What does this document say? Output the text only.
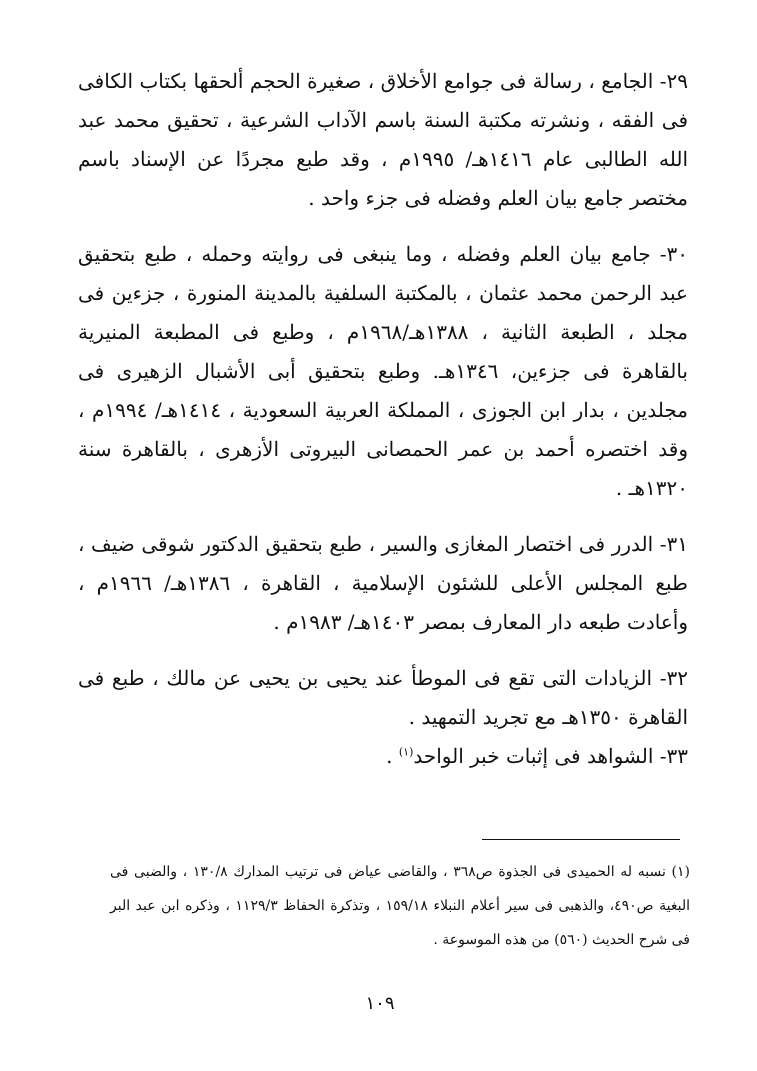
٢٩- الجامع ، رسالة فى جوامع الأخلاق ، صغيرة الحجم ألحقها بكتاب الكافى فى الفقه ، ونشرته مكتبة السنة باسم الآداب الشرعية ، تحقيق محمد عبد الله الطالبى عام ١٤١٦هـ/ ١٩٩٥م ، وقد طبع مجردًا عن الإسناد باسم مختصر جامع بيان العلم وفضله فى جزء واحد .

٣٠- جامع بيان العلم وفضله ، وما ينبغى فى روايته وحمله ، طبع بتحقيق عبد الرحمن محمد عثمان ، بالمكتبة السلفية بالمدينة المنورة ، جزءين فى مجلد ، الطبعة الثانية ، ١٣٨٨هـ/١٩٦٨م ، وطبع فى المطبعة المنيرية بالقاهرة فى جزءين، ١٣٤٦هـ. وطبع بتحقيق أبى الأشبال الزهيرى فى مجلدين ، بدار ابن الجوزى ، المملكة العربية السعودية ، ١٤١٤هـ/ ١٩٩٤م ، وقد اختصره أحمد بن عمر الحمصانى البيروتى الأزهرى ، بالقاهرة سنة ١٣٢٠هـ .

٣١- الدرر فى اختصار المغازى والسير ، طبع بتحقيق الدكتور شوقى ضيف ، طبع المجلس الأعلى للشئون الإسلامية ، القاهرة ، ١٣٨٦هـ/ ١٩٦٦م ، وأعادت طبعه دار المعارف بمصر ١٤٠٣هـ/ ١٩٨٣م .

٣٢- الزيادات التى تقع فى الموطأ عند يحيى بن يحيى عن مالك ، طبع فى القاهرة ١٣٥٠هـ مع تجريد التمهيد .

٣٣- الشواهد فى إثبات خبر الواحد$^{(١)}$ .

(١) نسبه له الحميدى فى الجذوة ص٣٦٨ ، والقاضى عياض فى ترتيب المدارك ١٣٠/٨ ، والضبى فى البغية ص٤٩٠، والذهبى فى سير أعلام النبلاء ١٥٩/١٨ ، وتذكرة الحفاظ ١١٢٩/٣ ، وذكره ابن عبد البر فى شرح الحديث (٥٦٠) من هذه الموسوعة .

١٠٩
